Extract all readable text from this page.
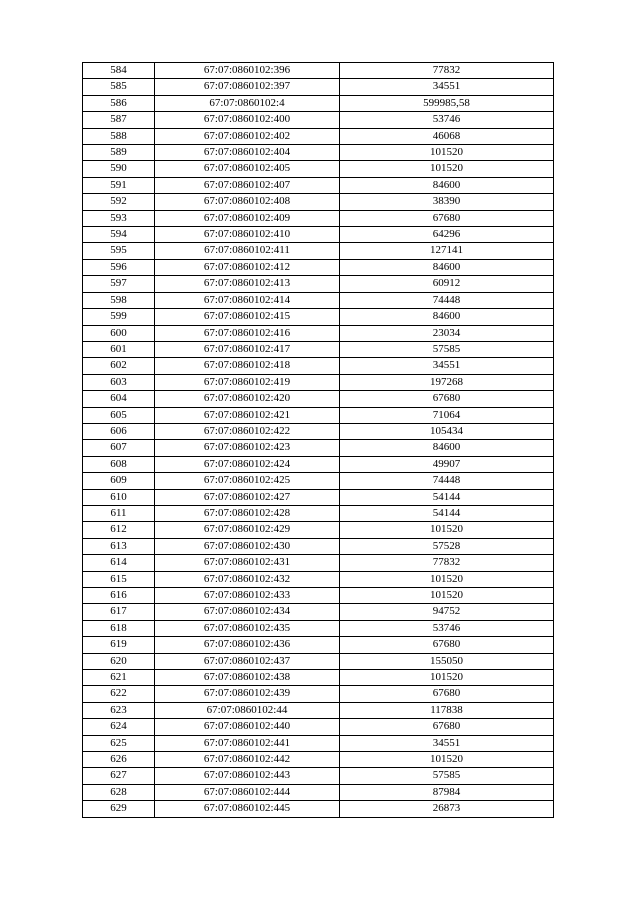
584	67:07:0860102:396	77832
585	67:07:0860102:397	34551
586	67:07:0860102:4	599985,58
587	67:07:0860102:400	53746
588	67:07:0860102:402	46068
589	67:07:0860102:404	101520
590	67:07:0860102:405	101520
591	67:07:0860102:407	84600
592	67:07:0860102:408	38390
593	67:07:0860102:409	67680
594	67:07:0860102:410	64296
595	67:07:0860102:411	127141
596	67:07:0860102:412	84600
597	67:07:0860102:413	60912
598	67:07:0860102:414	74448
599	67:07:0860102:415	84600
600	67:07:0860102:416	23034
601	67:07:0860102:417	57585
602	67:07:0860102:418	34551
603	67:07:0860102:419	197268
604	67:07:0860102:420	67680
605	67:07:0860102:421	71064
606	67:07:0860102:422	105434
607	67:07:0860102:423	84600
608	67:07:0860102:424	49907
609	67:07:0860102:425	74448
610	67:07:0860102:427	54144
611	67:07:0860102:428	54144
612	67:07:0860102:429	101520
613	67:07:0860102:430	57528
614	67:07:0860102:431	77832
615	67:07:0860102:432	101520
616	67:07:0860102:433	101520
617	67:07:0860102:434	94752
618	67:07:0860102:435	53746
619	67:07:0860102:436	67680
620	67:07:0860102:437	155050
621	67:07:0860102:438	101520
622	67:07:0860102:439	67680
623	67:07:0860102:44	117838
624	67:07:0860102:440	67680
625	67:07:0860102:441	34551
626	67:07:0860102:442	101520
627	67:07:0860102:443	57585
628	67:07:0860102:444	87984
629	67:07:0860102:445	26873
